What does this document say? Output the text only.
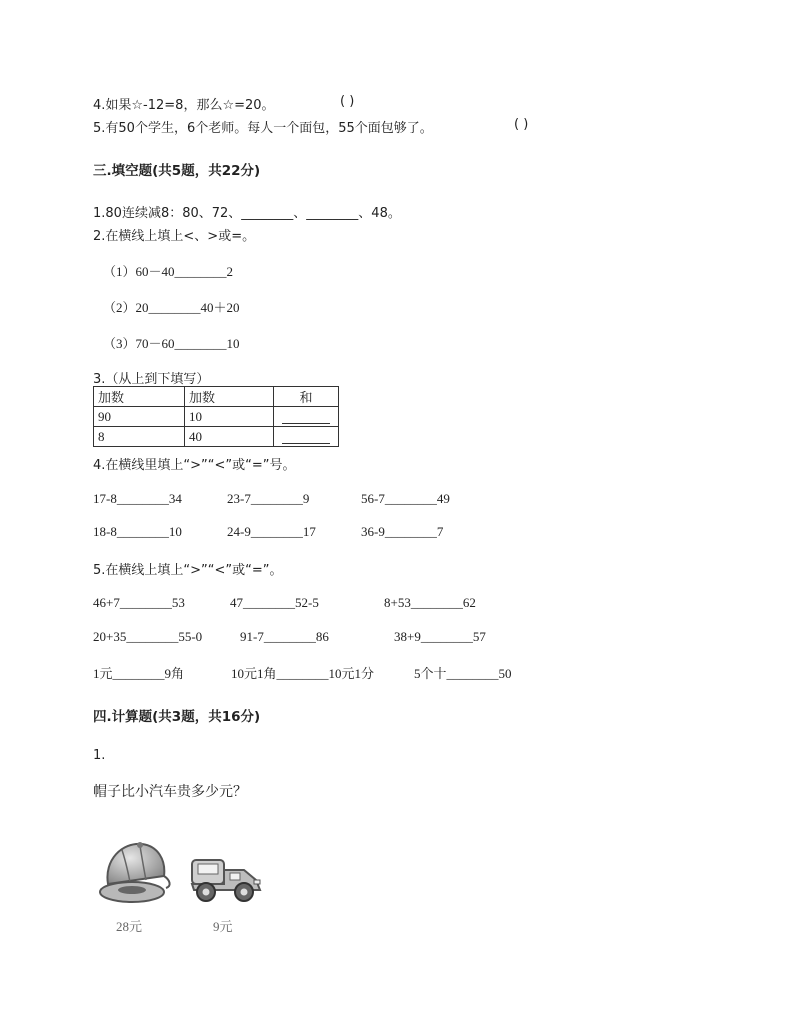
4.如果☆-12=8，那么☆=20。	( )
5.有50个学生，6个老师。每人一个面包，55个面包够了。	( )
三.填空题(共5题，共22分)
1.80连续减8：80、72、________、________、48。
2.在横线上填上<、>或=。
（1）60－40________2
（2）20________40＋20
（3）70－60________10
3.（从上到下填写）
加数	加数	和
90	10	

8	40	
4.在横线里填上“>”“<”或“=”号。
17-8________34	23-7________9	56-7________49
18-8________10	24-9________17	36-9________7
5.在横线上填上“>”“<”或“=”。
46+7________53	47________52-5	8+53________62
20+35________55-0	91-7________86	38+9________57
1元________9角	10元1角________10元1分	5个十________50
四.计算题(共3题，共16分)
1.
帽子比小汽车贵多少元？
28元	9元
